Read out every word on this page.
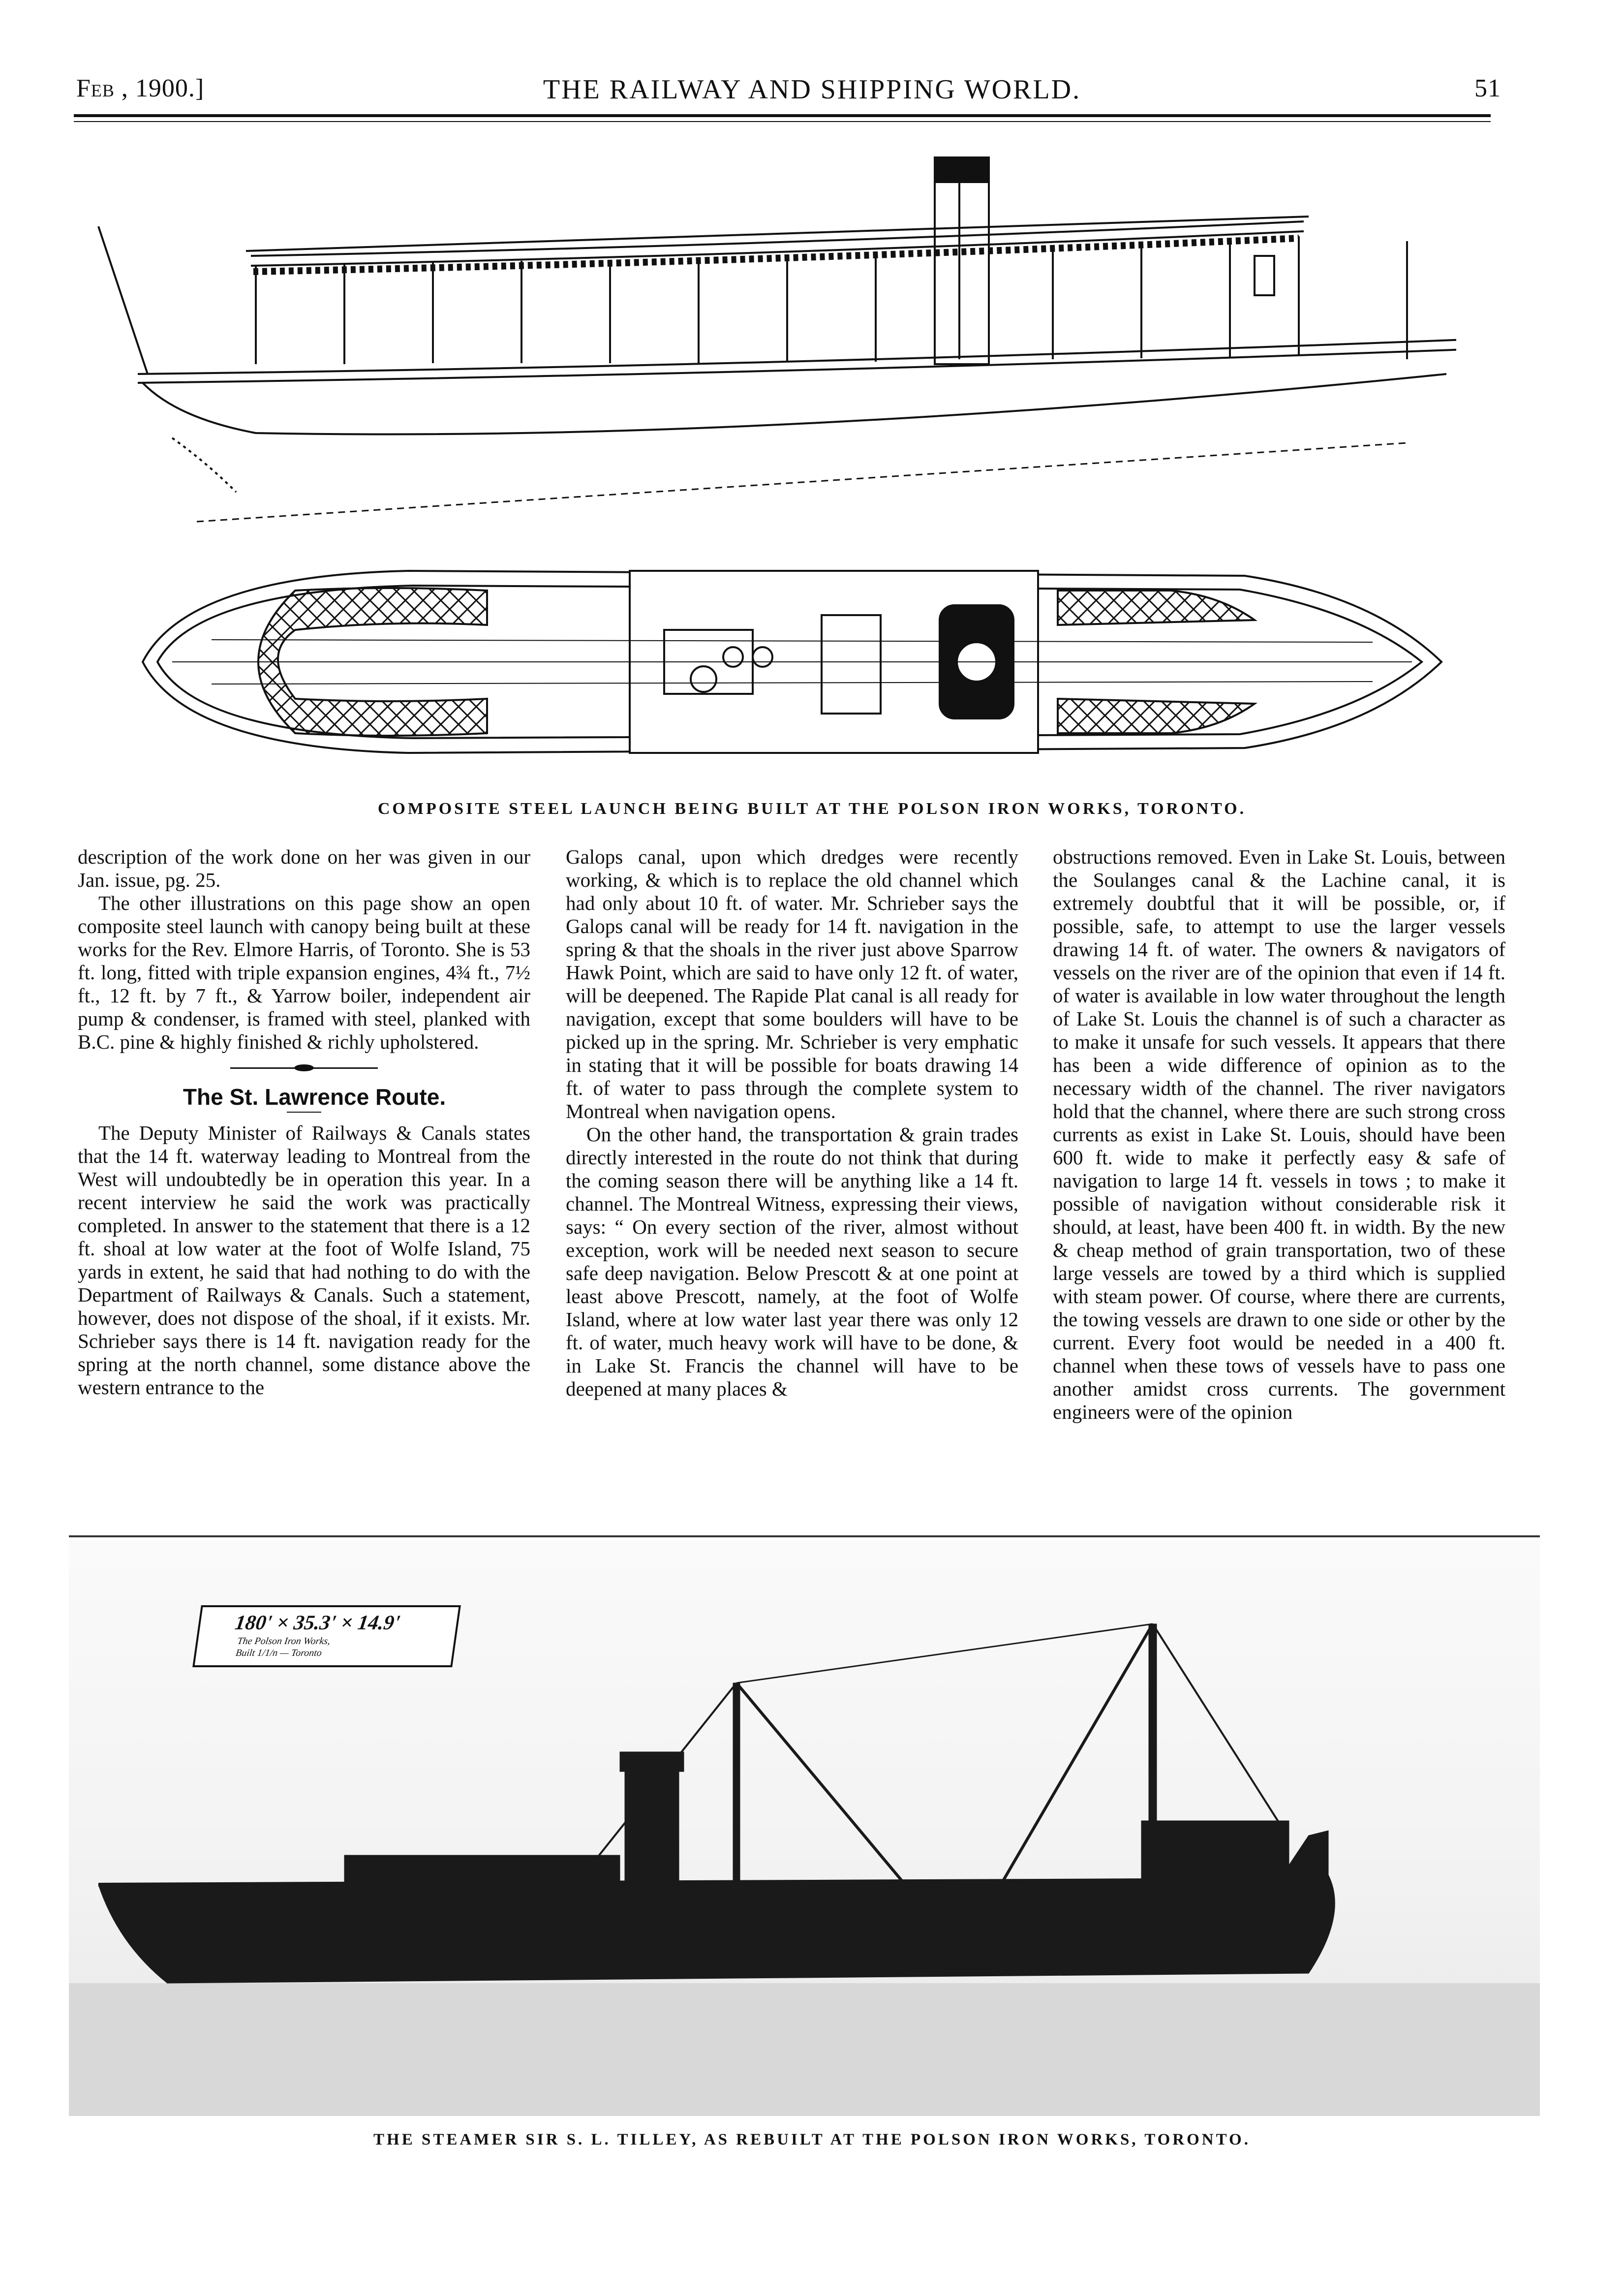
Feb , 1900.]	THE RAILWAY AND SHIPPING WORLD.	51
COMPOSITE STEEL LAUNCH BEING BUILT AT THE POLSON IRON WORKS, TORONTO.

description of the work done on her was given in our Jan. issue, pg. 25.

The other illustrations on this page show an open composite steel launch with canopy being built at these works for the Rev. Elmore Harris, of Toronto. She is 53 ft. long, fitted with triple expansion engines, 4¾ ft., 7½ ft., 12 ft. by 7 ft., & Yarrow boiler, independent air pump & condenser, is framed with steel, planked with B.C. pine & highly finished & richly upholstered.

The St. Lawrence Route.

The Deputy Minister of Railways & Canals states that the 14 ft. waterway leading to Montreal from the West will undoubtedly be in operation this year. In a recent interview he said the work was practically completed. In answer to the statement that there is a 12 ft. shoal at low water at the foot of Wolfe Island, 75 yards in extent, he said that had nothing to do with the Department of Railways & Canals. Such a statement, however, does not dispose of the shoal, if it exists. Mr. Schrieber says there is 14 ft. navigation ready for the spring at the north channel, some distance above the western entrance to the

Galops canal, upon which dredges were recently working, & which is to replace the old channel which had only about 10 ft. of water. Mr. Schrieber says the Galops canal will be ready for 14 ft. navigation in the spring & that the shoals in the river just above Sparrow Hawk Point, which are said to have only 12 ft. of water, will be deepened. The Rapide Plat canal is all ready for navigation, except that some boulders will have to be picked up in the spring. Mr. Schrieber is very emphatic in stating that it will be possible for boats drawing 14 ft. of water to pass through the complete system to Montreal when navigation opens.

On the other hand, the transportation & grain trades directly interested in the route do not think that during the coming season there will be anything like a 14 ft. channel. The Montreal Witness, expressing their views, says: “ On every section of the river, almost without exception, work will be needed next season to secure safe deep navigation. Below Prescott & at one point at least above Prescott, namely, at the foot of Wolfe Island, where at low water last year there was only 12 ft. of water, much heavy work will have to be done, & in Lake St. Francis the channel will have to be deepened at many places &

obstructions removed. Even in Lake St. Louis, between the Soulanges canal & the Lachine canal, it is extremely doubtful that it will be possible, or, if possible, safe, to attempt to use the larger vessels drawing 14 ft. of water. The owners & navigators of vessels on the river are of the opinion that even if 14 ft. of water is available in low water throughout the length of Lake St. Louis the channel is of such a character as to make it unsafe for such vessels. It appears that there has been a wide difference of opinion as to the necessary width of the channel. The river navigators hold that the channel, where there are such strong cross currents as exist in Lake St. Louis, should have been 600 ft. wide to make it perfectly easy & safe of navigation to large 14 ft. vessels in tows ; to make it possible of navigation without considerable risk it should, at least, have been 400 ft. in width. By the new & cheap method of grain transportation, two of these large vessels are towed by a third which is supplied with steam power. Of course, where there are currents, the towing vessels are drawn to one side or other by the current. Every foot would be needed in a 400 ft. channel when these tows of vessels have to pass one another amidst cross currents. The government engineers were of the opinion

180' × 35.3' × 14.9'
The Polson Iron Works,
Built 1/1/n — Toronto
THE STEAMER SIR S. L. TILLEY, AS REBUILT AT THE POLSON IRON WORKS, TORONTO.
